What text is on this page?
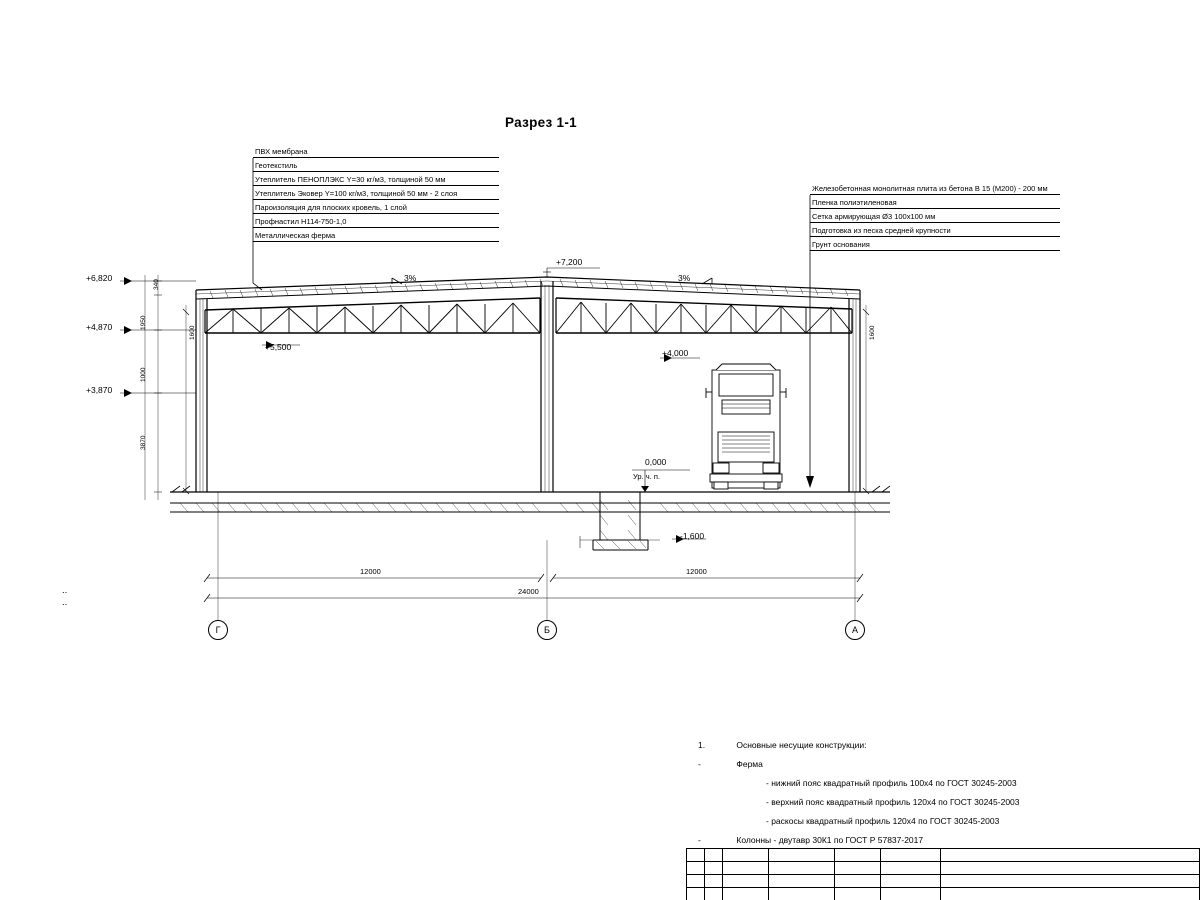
Разрез 1-1
ПВХ мембрана
Геотекстиль
Утеплитель ПЕНОПЛЭКС Y=30 кг/м3, толщиной 50 мм
Утеплитель Эковер Y=100 кг/м3, толщиной 50 мм - 2 слоя
Пароизоляция для плоских кровель, 1 слой
Профнастил Н114-750-1,0
Металлическая ферма
Железобетонная монолитная плита из бетона В 15 (М200) - 200 мм
Пленка полиэтиленовая
Сетка армирующая Ø3 100х100 мм
Подготовка из песка средней крупности
Грунт основания
+6,820
+4,870
+3,870
+7,200
+5,500
+4,000
0,000
Ур. ч. п.
-1,600
3%	3%
340
1950
1000
3870
1600	1600
12000	12000
24000
Г	Б	А
..
..
1.	Основные несущие конструкции:
-	Ферма
- нижний пояс квадратный профиль 100х4 по ГОСТ 30245-2003
- верхний пояс квадратный профиль 120х4 по ГОСТ 30245-2003
- раскосы квадратный профиль 120х4 по ГОСТ 30245-2003
-	Колонны - двутавр 30К1 по ГОСТ Р 57837-2017
